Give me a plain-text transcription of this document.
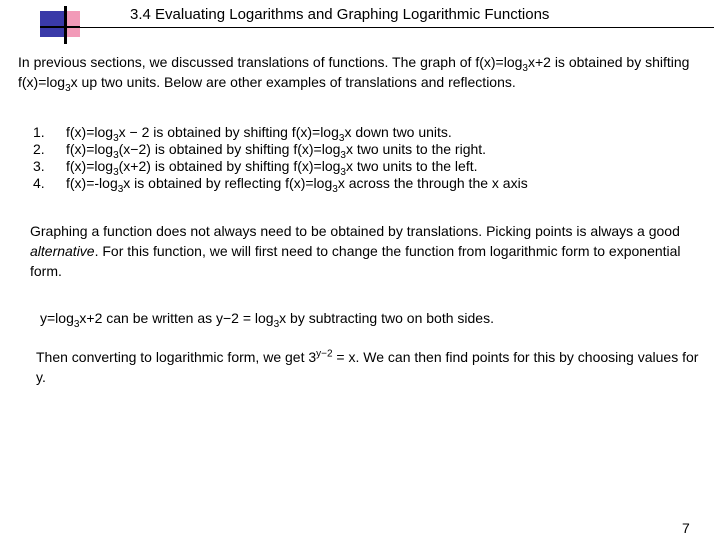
3.4 Evaluating Logarithms and Graphing Logarithmic Functions
In previous sections, we discussed translations of functions. The graph of $f(x)=\log_3x+2$ is obtained by shifting $f(x)=\log_3x$ up two units. Below are other examples of translations and reflections.
1.	$f(x)=\log_3x - 2$ is obtained by shifting $f(x)=\log_3x$ down two units.
2.	$f(x)=\log_3(x-2)$ is obtained by shifting $f(x)=\log_3x$ two units to the right.
3.	$f(x)=\log_3(x+2)$ is obtained by shifting $f(x)=\log_3x$ two units to the left.
4.	$f(x)=-\log_3x$ is obtained by reflecting $f(x)=\log_3x$ across the through the x axis
Graphing a function does not always need to be obtained by translations. Picking points is always a good alternative. For this function, we will first need to change the function from logarithmic form to exponential form.
$y=\log_3x+2$ can be written as $y-2 = \log_3x$ by subtracting two on both sides.
Then converting to logarithmic form, we get $3^{y-2} = x$. We can then find points for this by choosing values for y.
7
